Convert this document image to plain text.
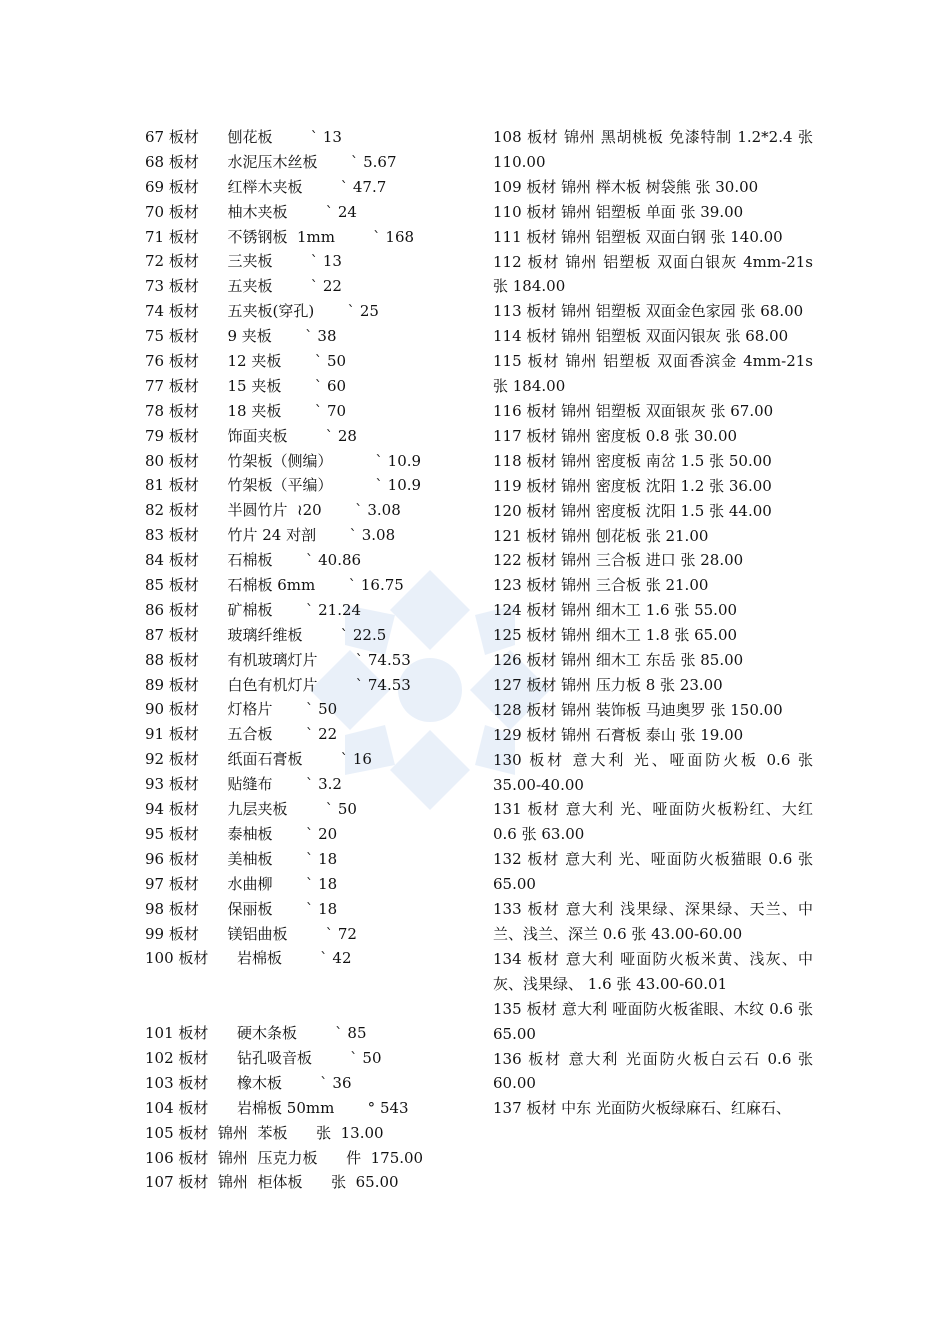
67 板材      刨花板        ` 13
68 板材      水泥压木丝板       ` 5.67
69 板材      红榉木夹板        ` 47.7
70 板材      柚木夹板        ` 24
71 板材      不锈钢板  1mm        ` 168
72 板材      三夹板        ` 13
73 板材      五夹板        ` 22
74 板材      五夹板(穿孔)       ` 25
75 板材      9 夹板       ` 38
76 板材      12 夹板       ` 50
77 板材      15 夹板       ` 60
78 板材      18 夹板       ` 70
79 板材      饰面夹板        ` 28
80 板材      竹架板（侧编）         ` 10.9
81 板材      竹架板（平编）         ` 10.9
82 板材      半圆竹片  ≀20       ` 3.08
83 板材      竹片 24 对剖       ` 3.08
84 板材      石棉板       ` 40.86
85 板材      石棉板 6mm       ` 16.75
86 板材      矿棉板       ` 21.24
87 板材      玻璃纤维板        ` 22.5
88 板材      有机玻璃灯片        ` 74.53
89 板材      白色有机灯片        ` 74.53
90 板材      灯格片       ` 50
91 板材      五合板       ` 22
92 板材      纸面石膏板        ` 16
93 板材      贴缝布       ` 3.2
94 板材      九层夹板        ` 50
95 板材      泰柚板       ` 20
96 板材      美柚板       ` 18
97 板材      水曲柳       ` 18
98 板材      保丽板       ` 18
99 板材      镁铝曲板        ` 72
100 板材      岩棉板        ` 42
101 板材      硬木条板        ` 85
102 板材      钻孔吸音板        ` 50
103 板材      橡木板        ` 36
104 板材      岩棉板 50mm       ° 543
105 板材  锦州  苯板      张  13.00
106 板材  锦州  压克力板      件  175.00
107 板材  锦州  柜体板      张  65.00
108 板材 锦州 黑胡桃板 免漆特制 1.2*2.4 张 110.00
109 板材 锦州 榉木板 树袋熊 张 30.00
110 板材 锦州 铝塑板 单面 张 39.00
111 板材 锦州 铝塑板 双面白钢 张 140.00
112 板材 锦州 铝塑板 双面白银灰 4mm-21s 张 184.00
113 板材 锦州 铝塑板 双面金色家园 张 68.00
114 板材 锦州 铝塑板 双面闪银灰 张 68.00
115 板材 锦州 铝塑板 双面香滨金 4mm-21s 张 184.00
116 板材 锦州 铝塑板 双面银灰 张 67.00
117 板材 锦州 密度板 0.8 张 30.00
118 板材 锦州 密度板 南岔 1.5 张 50.00
119 板材 锦州 密度板 沈阳 1.2 张 36.00
120 板材 锦州 密度板 沈阳 1.5 张 44.00
121 板材 锦州 刨花板 张 21.00
122 板材 锦州 三合板 进口 张 28.00
123 板材 锦州 三合板 张 21.00
124 板材 锦州 细木工 1.6 张 55.00
125 板材 锦州 细木工 1.8 张 65.00
126 板材 锦州 细木工 东岳 张 85.00
127 板材 锦州 压力板 8 张 23.00
128 板材 锦州 装饰板 马迪奥罗 张 150.00
129 板材 锦州 石膏板 泰山 张 19.00
130 板材 意大利 光、哑面防火板 0.6 张 35.00-40.00
131 板材 意大利 光、哑面防火板粉红、大红 0.6 张 63.00
132 板材 意大利 光、哑面防火板猫眼 0.6 张 65.00
133 板材 意大利 浅果绿、深果绿、天兰、中兰、浅兰、深兰 0.6 张 43.00-60.00
134 板材 意大利 哑面防火板米黄、浅灰、中灰、浅果绿、 1.6 张 43.00-60.01
135 板材 意大利 哑面防火板雀眼、木纹 0.6 张 65.00
136 板材 意大利 光面防火板白云石 0.6 张 60.00
137 板材 中东 光面防火板绿麻石、红麻石、
